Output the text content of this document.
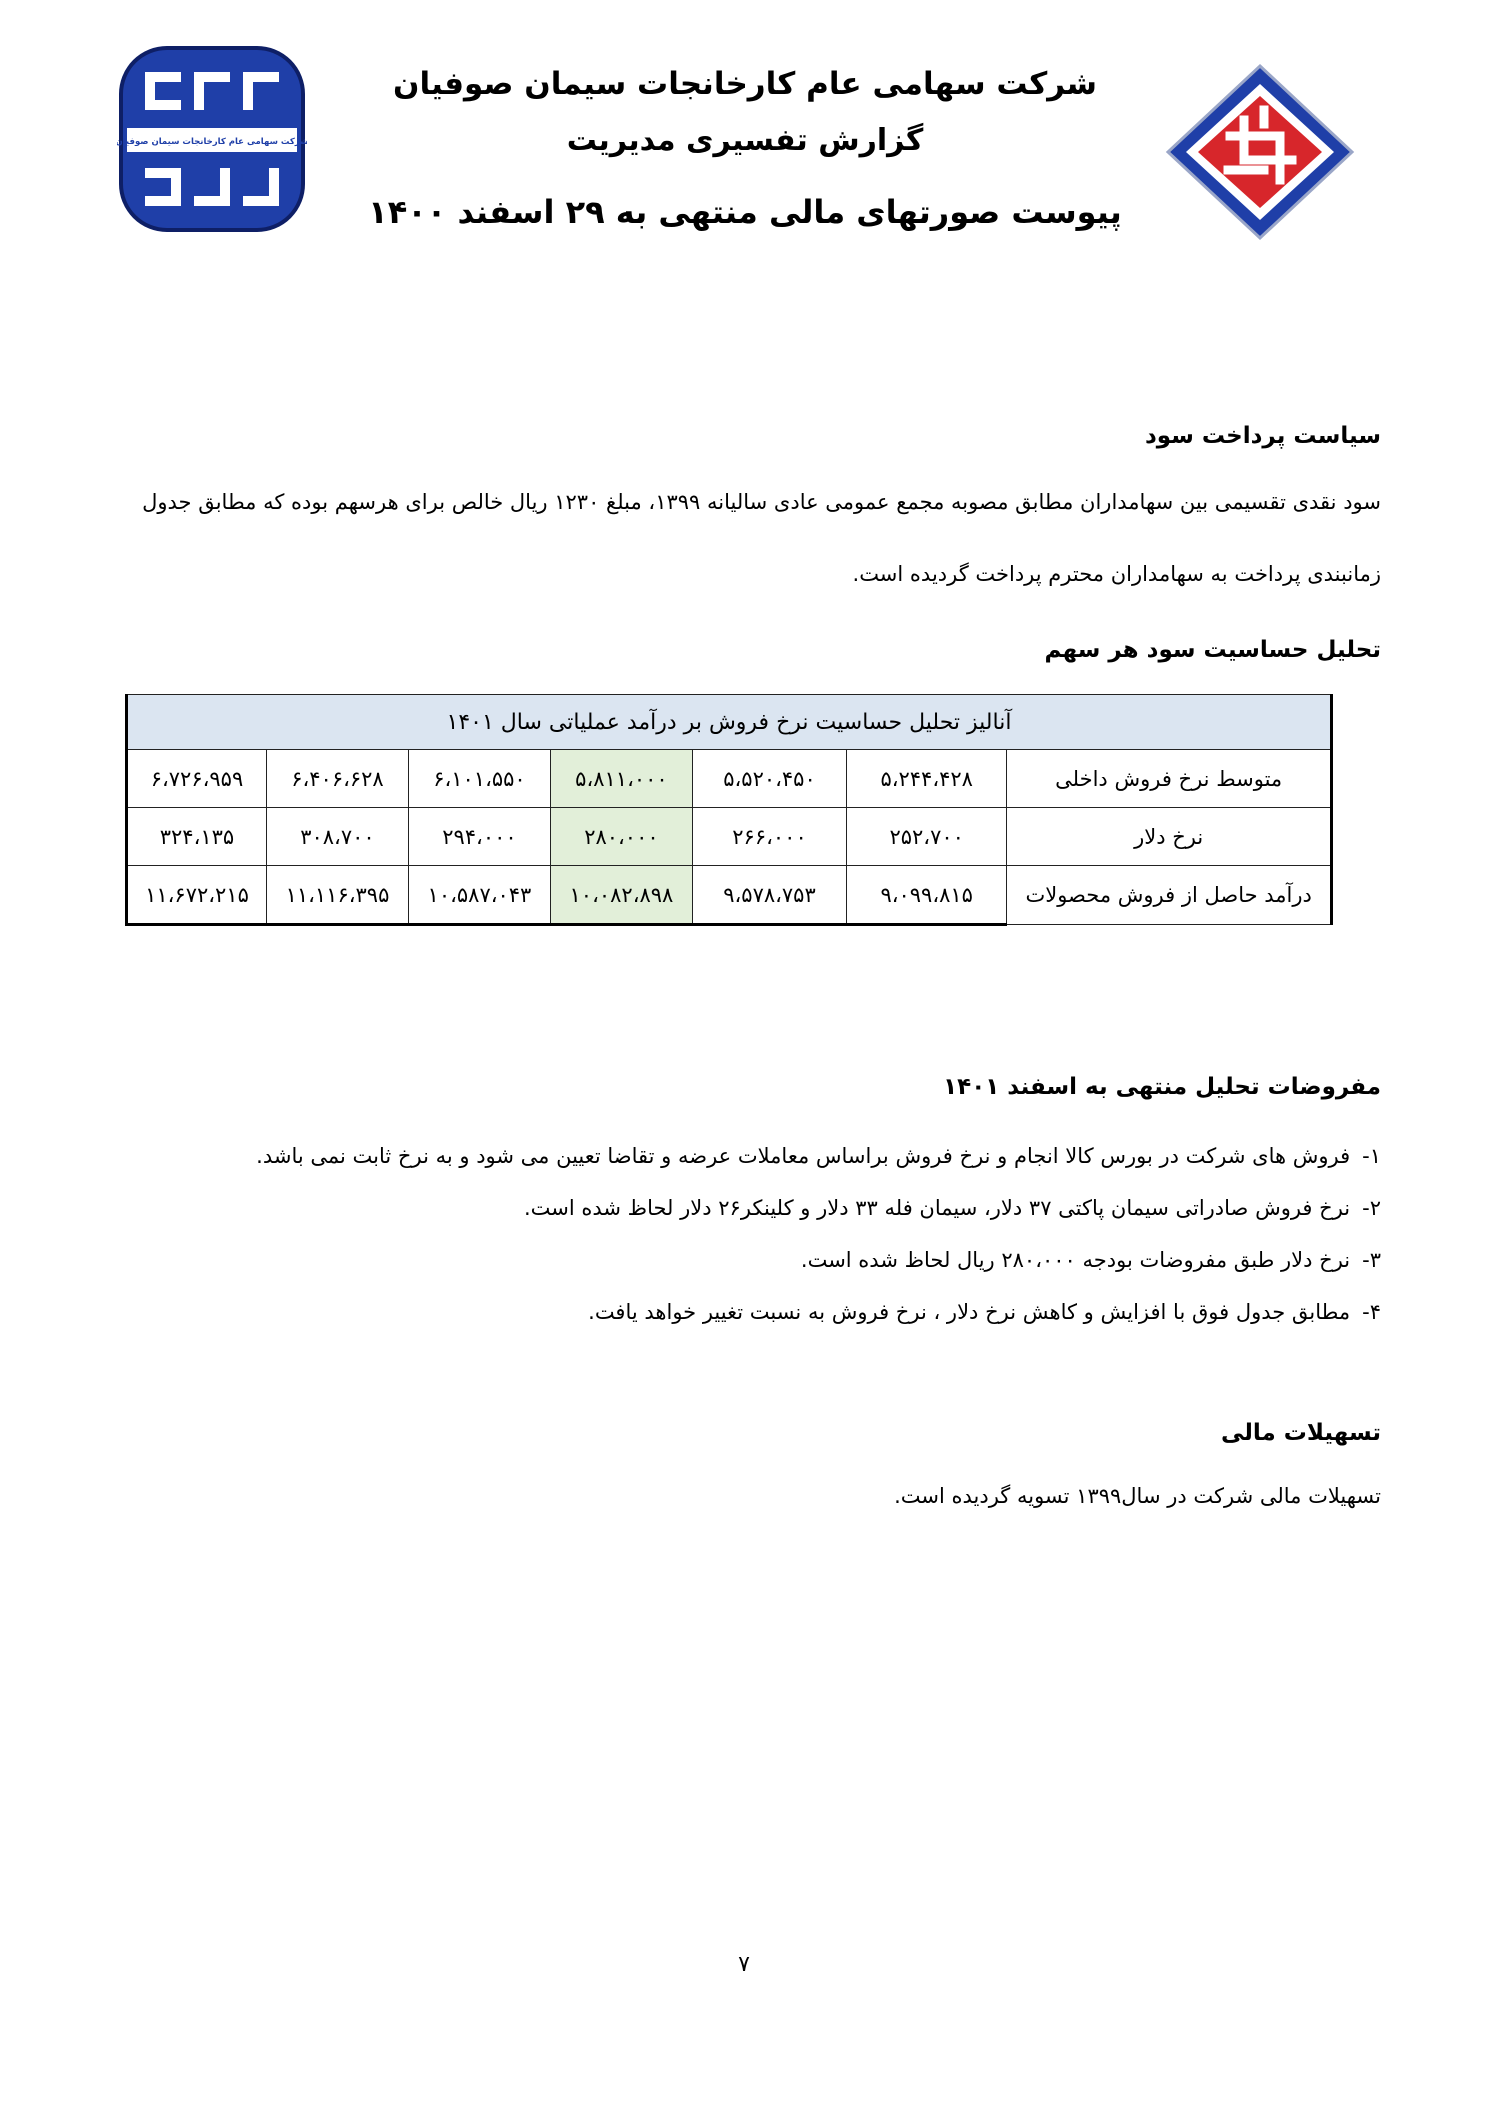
شرکت سهامی عام کارخانجات سیمان صوفیان
گزارش تفسیری مدیریت
پیوست صورتهای مالی منتهی به ۲۹ اسفند ۱۴۰۰
شرکت سهامی عام کارخانجات سیمان صوفیان
سیاست پرداخت سود
سود نقدی تقسیمی بین سهامداران مطابق مصوبه مجمع عمومی عادی سالیانه ۱۳۹۹، مبلغ ۱۲۳۰ ریال خالص برای هرسهم بوده که مطابق جدول
زمانبندی پرداخت به سهامداران محترم پرداخت گردیده است.
تحلیل حساسیت سود هر سهم
آنالیز تحلیل حساسیت نرخ فروش بر درآمد عملیاتی سال ۱۴۰۱						
۶،۷۲۶،۹۵۹	۶،۴۰۶،۶۲۸	۶،۱۰۱،۵۵۰	۵،۸۱۱،۰۰۰	۵،۵۲۰،۴۵۰	۵،۲۴۴،۴۲۸	متوسط نرخ فروش داخلی
۳۲۴،۱۳۵	۳۰۸،۷۰۰	۲۹۴،۰۰۰	۲۸۰،۰۰۰	۲۶۶،۰۰۰	۲۵۲،۷۰۰	نرخ دلار
۱۱،۶۷۲،۲۱۵	۱۱،۱۱۶،۳۹۵	۱۰،۵۸۷،۰۴۳	۱۰،۰۸۲،۸۹۸	۹،۵۷۸،۷۵۳	۹،۰۹۹،۸۱۵	درآمد حاصل از فروش محصولات
مفروضات تحلیل منتهی به اسفند ۱۴۰۱
۱-فروش های شرکت در بورس کالا انجام و نرخ فروش براساس معاملات عرضه و تقاضا تعیین می شود و به نرخ ثابت نمی باشد.
۲-نرخ فروش صادراتی سیمان پاکتی ۳۷ دلار، سیمان فله ۳۳ دلار و کلینکر۲۶ دلار لحاظ شده است.
۳-نرخ دلار طبق مفروضات بودجه ۲۸۰،۰۰۰ ریال لحاظ شده است.
۴-مطابق جدول فوق با افزایش و کاهش نرخ دلار ، نرخ فروش به نسبت تغییر خواهد یافت.
تسهیلات مالی
تسهیلات مالی شرکت در سال۱۳۹۹ تسویه گردیده است.
۷
